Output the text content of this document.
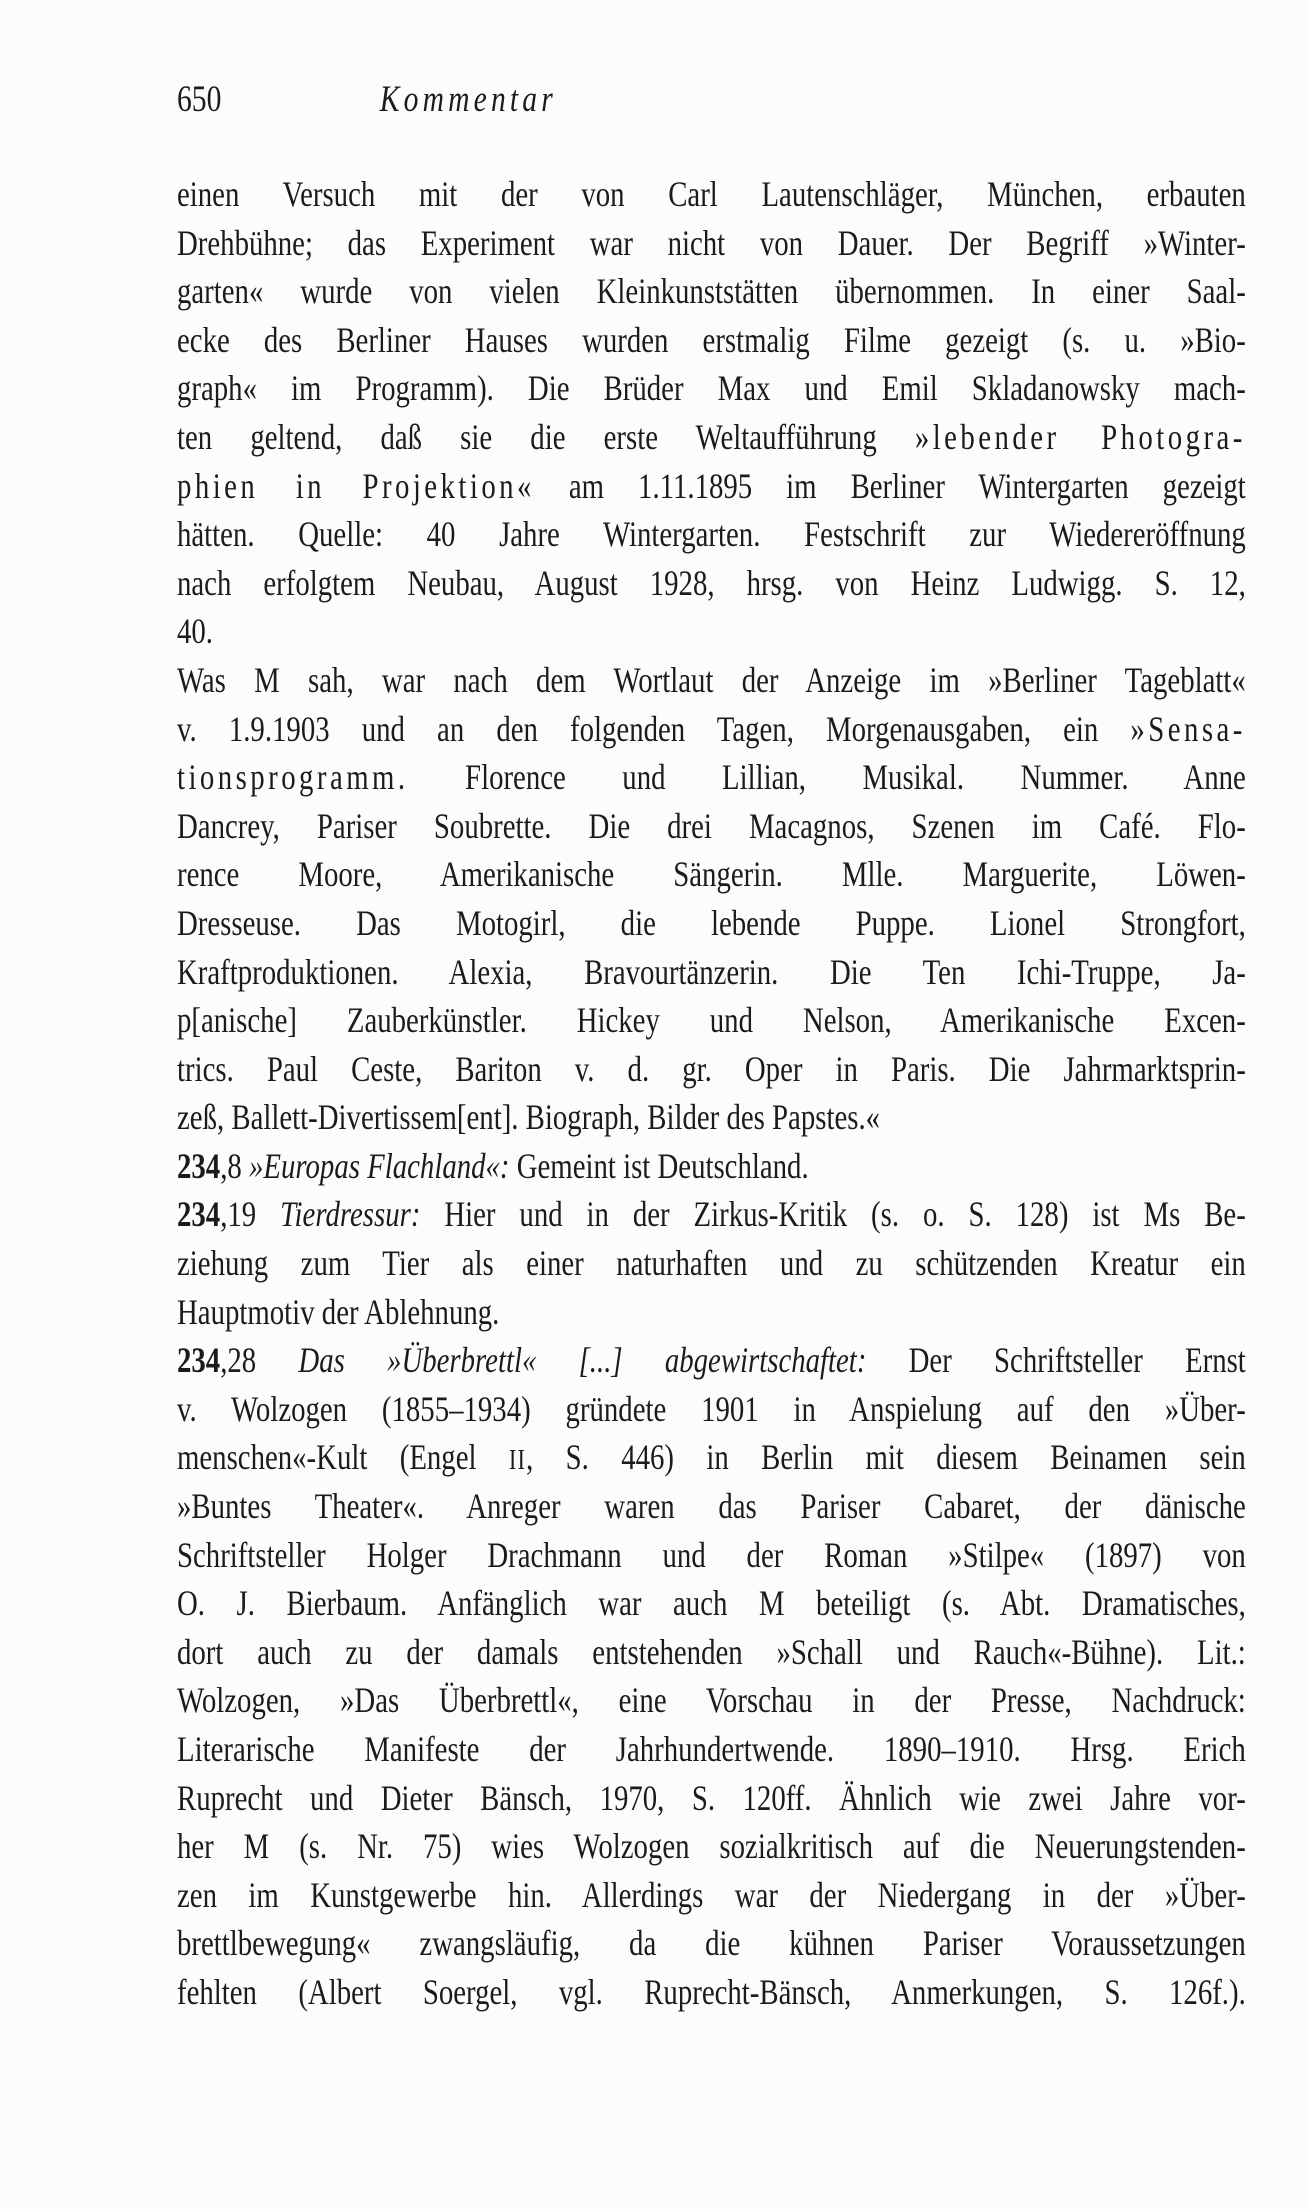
650	Kommentar
einen Versuch mit der von Carl Lautenschläger, München, erbauten
Drehbühne; das Experiment war nicht von Dauer. Der Begriff »Winter-
garten« wurde von vielen Kleinkunststätten übernommen. In einer Saal-
ecke des Berliner Hauses wurden erstmalig Filme gezeigt (s. u. »Bio-
graph« im Programm). Die Brüder Max und Emil Skladanowsky mach-
ten geltend, daß sie die erste Weltaufführung »lebender Photogra-
phien in Projektion« am 1.11.1895 im Berliner Wintergarten gezeigt
hätten. Quelle: 40 Jahre Wintergarten. Festschrift zur Wiedereröffnung
nach erfolgtem Neubau, August 1928, hrsg. von Heinz Ludwigg. S. 12,
40.
Was M sah, war nach dem Wortlaut der Anzeige im »Berliner Tageblatt«
v. 1.9.1903 und an den folgenden Tagen, Morgenausgaben, ein »Sensa-
tionsprogramm. Florence und Lillian, Musikal. Nummer. Anne
Dancrey, Pariser Soubrette. Die drei Macagnos, Szenen im Café. Flo-
rence Moore, Amerikanische Sängerin. Mlle. Marguerite, Löwen-
Dresseuse. Das Motogirl, die lebende Puppe. Lionel Strongfort,
Kraftproduktionen. Alexia, Bravourtänzerin. Die Ten Ichi-Truppe, Ja-
p[anische] Zauberkünstler. Hickey und Nelson, Amerikanische Excen-
trics. Paul Ceste, Bariton v. d. gr. Oper in Paris. Die Jahrmarktsprin-
zeß, Ballett-Divertissem[ent]. Biograph, Bilder des Papstes.«
234,8 »Europas Flachland«: Gemeint ist Deutschland.
234,19 Tierdressur: Hier und in der Zirkus-Kritik (s. o. S. 128) ist Ms Be-
ziehung zum Tier als einer naturhaften und zu schützenden Kreatur ein
Hauptmotiv der Ablehnung.
234,28 Das »Überbrettl« [...] abgewirtschaftet: Der Schriftsteller Ernst
v. Wolzogen (1855–1934) gründete 1901 in Anspielung auf den »Über-
menschen«-Kult (Engel II, S. 446) in Berlin mit diesem Beinamen sein
»Buntes Theater«. Anreger waren das Pariser Cabaret, der dänische
Schriftsteller Holger Drachmann und der Roman »Stilpe« (1897) von
O. J. Bierbaum. Anfänglich war auch M beteiligt (s. Abt. Dramatisches,
dort auch zu der damals entstehenden »Schall und Rauch«-Bühne). Lit.:
Wolzogen, »Das Überbrettl«, eine Vorschau in der Presse, Nachdruck:
Literarische Manifeste der Jahrhundertwende. 1890–1910. Hrsg. Erich
Ruprecht und Dieter Bänsch, 1970, S. 120ff. Ähnlich wie zwei Jahre vor-
her M (s. Nr. 75) wies Wolzogen sozialkritisch auf die Neuerungstenden-
zen im Kunstgewerbe hin. Allerdings war der Niedergang in der »Über-
brettlbewegung« zwangsläufig, da die kühnen Pariser Voraussetzungen
fehlten (Albert Soergel, vgl. Ruprecht-Bänsch, Anmerkungen, S. 126f.).
